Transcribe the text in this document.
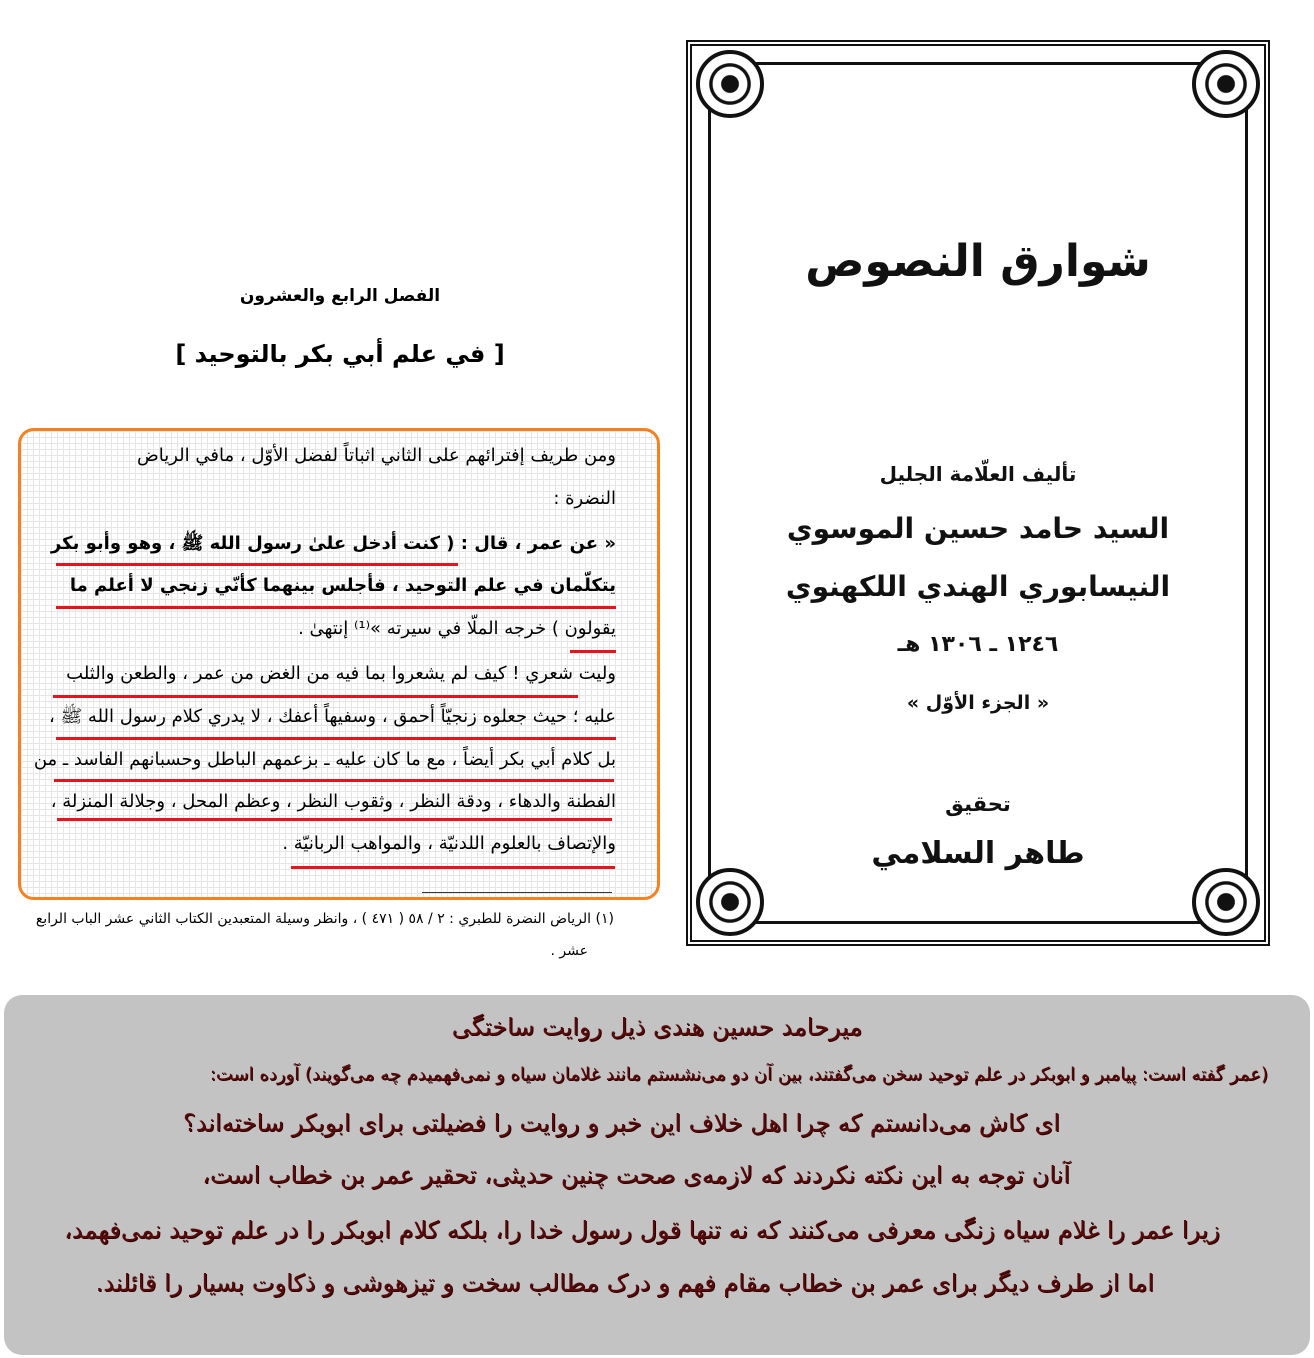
الفصل الرابع والعشرون
[ في علم أبي بكر بالتوحيد ]
ومن طريف إفترائهم على الثاني اثباتاً لفضل الأوّل ، مافي الرياض
النضرة :
« عن عمر ، قال : ( كنت أدخل علىٰ رسول الله ﷺ ، وهو وأبو بكر
يتكلّمان في علم التوحيد ، فأجلس بينهما كأنّي زنجي لا أعلم ما
يقولون ) خرجه الملّا في سيرته »⁽¹⁾ إنتهىٰ .
وليت شعري ! كيف لم يشعروا بما فيه من الغض من عمر ، والطعن والثلب
عليه ؛ حيث جعلوه زنجيّاً أحمق ، وسفيهاً أعفك ، لا يدري كلام رسول الله ﷺ ،
بل كلام أبي بكر أيضاً ، مع ما كان عليه ـ بزعمهم الباطل وحسبانهم الفاسد ـ من
الفطنة والدهاء ، ودقة النظر ، وثقوب النظر ، وعظم المحل ، وجلالة المنزلة ،
والإتصاف بالعلوم اللدنيّة ، والمواهب الربانيّة .
(١) الرياض النضرة للطبري : ٢ / ٥٨ ( ٤٧١ ) ، وانظر وسيلة المتعبدين الكتاب الثاني عشر الباب الرابع
عشر .
شوارق النصوص
تأليف العلّامة الجليل
السيد حامد حسين الموسوي
النيسابوري الهندي اللكهنوي
١٢٤٦ ـ ١٣٠٦ هـ
« الجزء الأوّل »
تحقيق
طاهر السلامي
میرحامد حسین هندی ذیل روایت ساختگی
(عمر گفته است: پیامبر و ابوبکر در علم توحید سخن می‌گفتند، بین آن دو می‌نشستم مانند غلامان سیاه و نمی‌فهمیدم چه می‌گویند) آورده است:
ای کاش می‌دانستم که چرا اهل خلاف این خبر و روایت را فضیلتی برای ابوبکر ساخته‌اند؟
آنان توجه به این نکته نکردند که لازمه‌ی صحت چنین حدیثی، تحقیر عمر بن خطاب است،
زیرا عمر را غلام سیاه زنگی معرفی می‌کنند که نه تنها قول رسول خدا را، بلکه کلام ابوبکر را در علم توحید نمی‌فهمد،
اما از طرف دیگر برای عمر بن خطاب مقام فهم و درک مطالب سخت و تیزهوشی و ذکاوت بسیار را قائلند.
